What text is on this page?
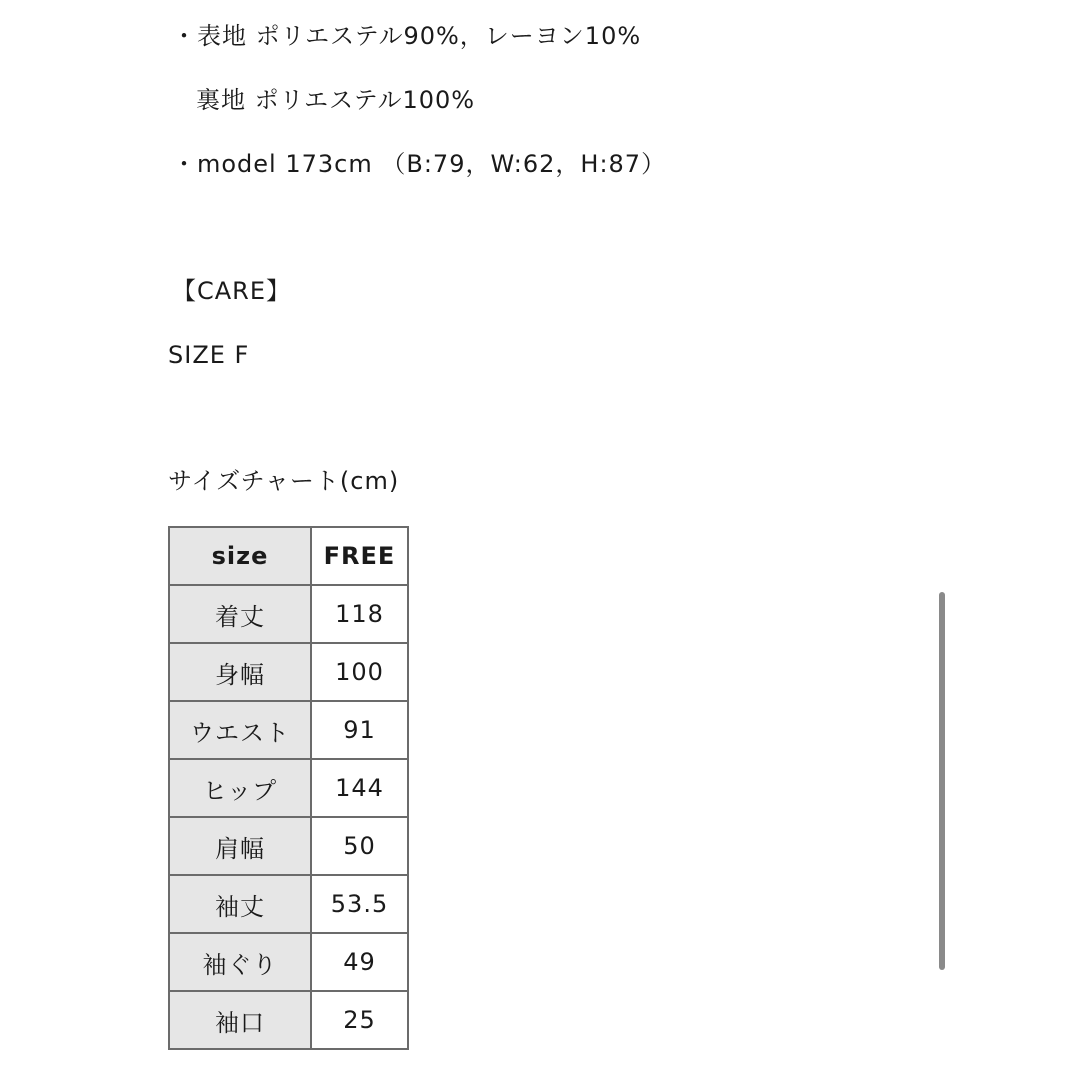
・表地 ポリエステル90%，レーヨン10%
裏地 ポリエステル100%
・model 173cm （B:79，W:62，H:87）
【CARE】
SIZE F
サイズチャート(cm)
size	FREE
着丈	118
身幅	100
ウエスト	91
ヒップ	144
肩幅	50
袖丈	53.5
袖ぐり	49
袖口	25
